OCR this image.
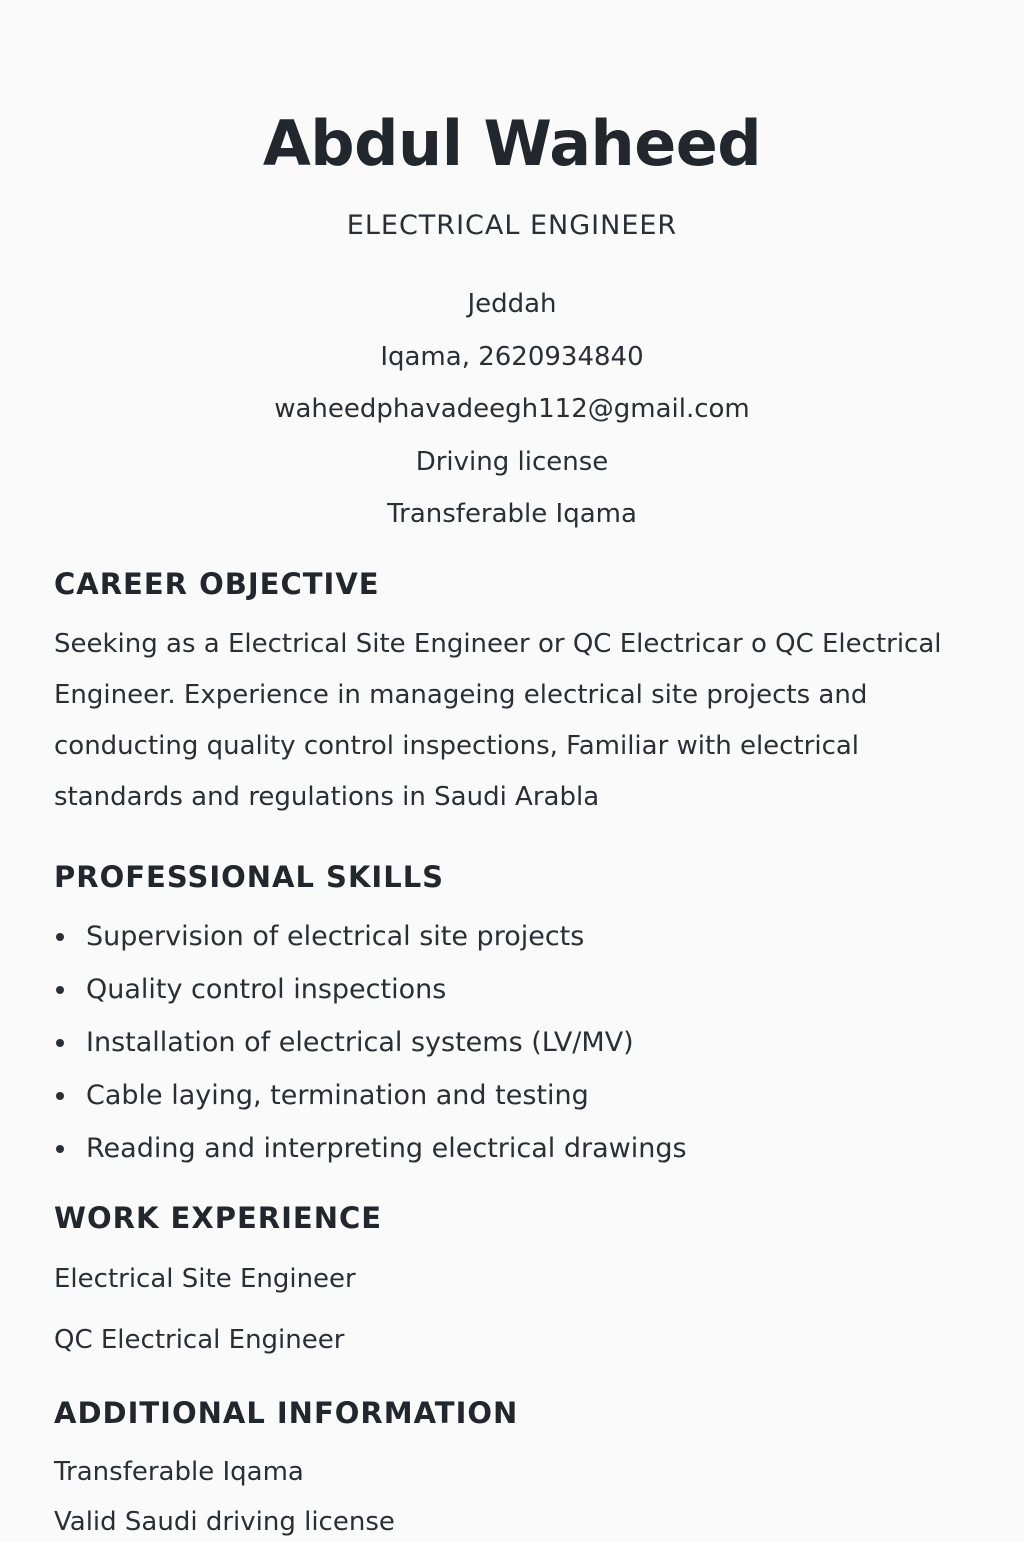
Abdul Waheed
ELECTRICAL ENGINEER
Jeddah
Iqama, 2620934840
waheedphavadeegh112@gmail.com
Driving license
Transferable Iqama
CAREER OBJECTIVE
Seeking as a Electrical Site Engineer or QC Electricar o QC Electrical Engineer. Experience in manageing electrical site projects and conducting quality control inspections, Familiar with electrical standards and regulations in Saudi Arabla
PROFESSIONAL SKILLS
Supervision of electrical site projects
Quality control inspections
Installation of electrical systems (LV/MV)
Cable laying, termination and testing
Reading and interpreting electrical drawings
WORK EXPERIENCE
Electrical Site Engineer
QC Electrical Engineer
ADDITIONAL INFORMATION
Transferable Iqama
Valid Saudi driving license
